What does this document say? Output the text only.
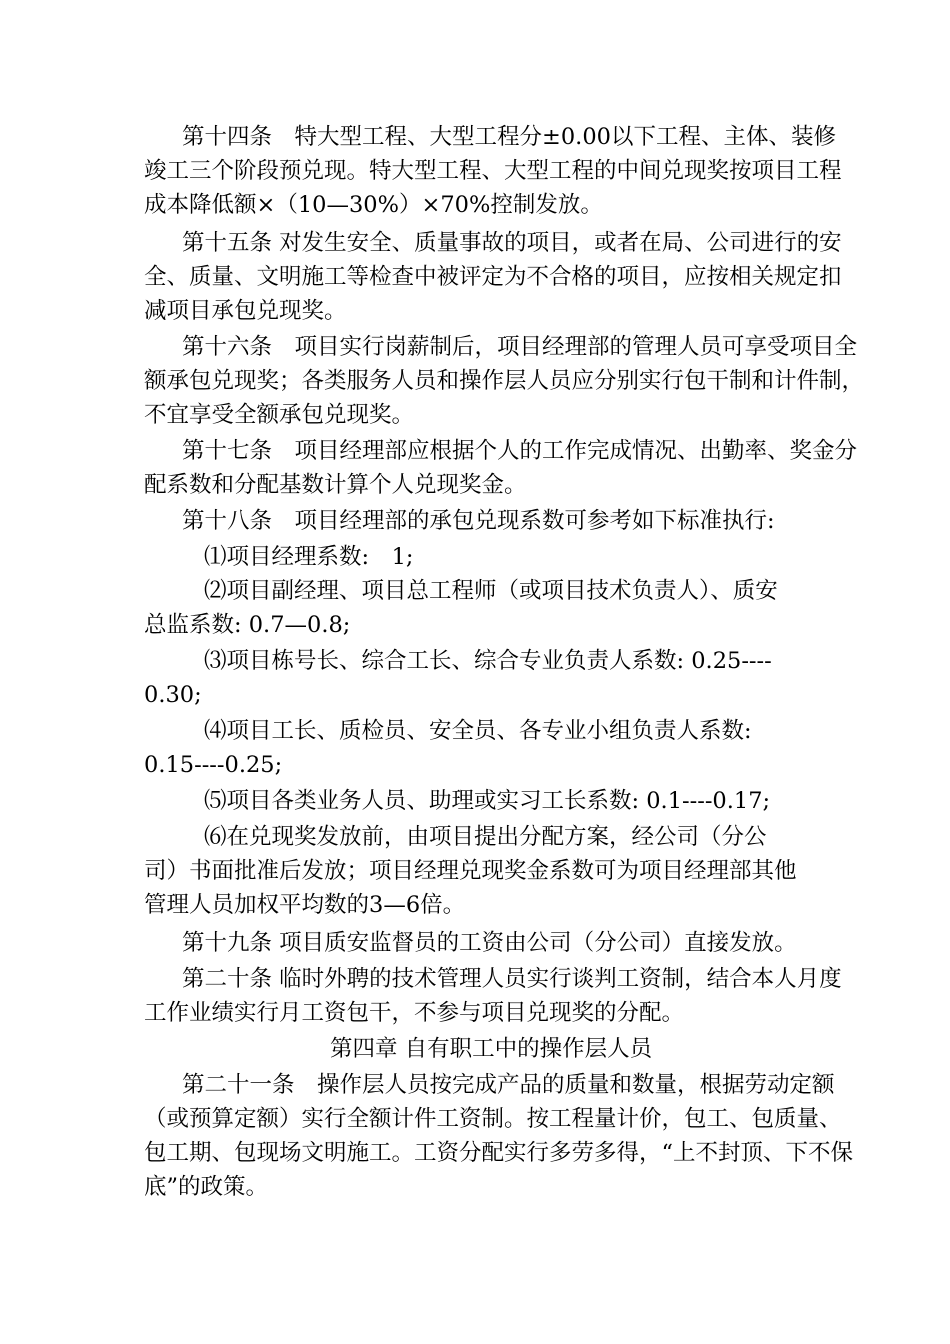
第十四条　特大型工程、大型工程分±0.00以下工程、主体、装修
竣工三个阶段预兑现。特大型工程、大型工程的中间兑现奖按项目工程
成本降低额×（10—30%）×70%控制发放。
第十五条 对发生安全、质量事故的项目，或者在局、公司进行的安
全、质量、文明施工等检查中被评定为不合格的项目，应按相关规定扣
减项目承包兑现奖。
第十六条　项目实行岗薪制后，项目经理部的管理人员可享受项目全
额承包兑现奖；各类服务人员和操作层人员应分别实行包干制和计件制，
不宜享受全额承包兑现奖。
第十七条　项目经理部应根据个人的工作完成情况、出勤率、奖金分
配系数和分配基数计算个人兑现奖金。
第十八条　项目经理部的承包兑现系数可参考如下标准执行:
⑴项目经理系数:　1;
⑵项目副经理、项目总工程师（或项目技术负责人）、质安
总监系数: 0.7—0.8;
⑶项目栋号长、综合工长、综合专业负责人系数: 0.25----
0.30;
⑷项目工长、质检员、安全员、各专业小组负责人系数:
0.15----0.25;
⑸项目各类业务人员、助理或实习工长系数: 0.1----0.17;
⑹在兑现奖发放前，由项目提出分配方案，经公司（分公
司）书面批准后发放；项目经理兑现奖金系数可为项目经理部其他
管理人员加权平均数的3—6倍。
第十九条 项目质安监督员的工资由公司（分公司）直接发放。
第二十条 临时外聘的技术管理人员实行谈判工资制，结合本人月度
工作业绩实行月工资包干，不参与项目兑现奖的分配。
第四章 自有职工中的操作层人员
第二十一条　操作层人员按完成产品的质量和数量，根据劳动定额
（或预算定额）实行全额计件工资制。按工程量计价，包工、包质量、
包工期、包现场文明施工。工资分配实行多劳多得，“上不封顶、下不保
底”的政策。
